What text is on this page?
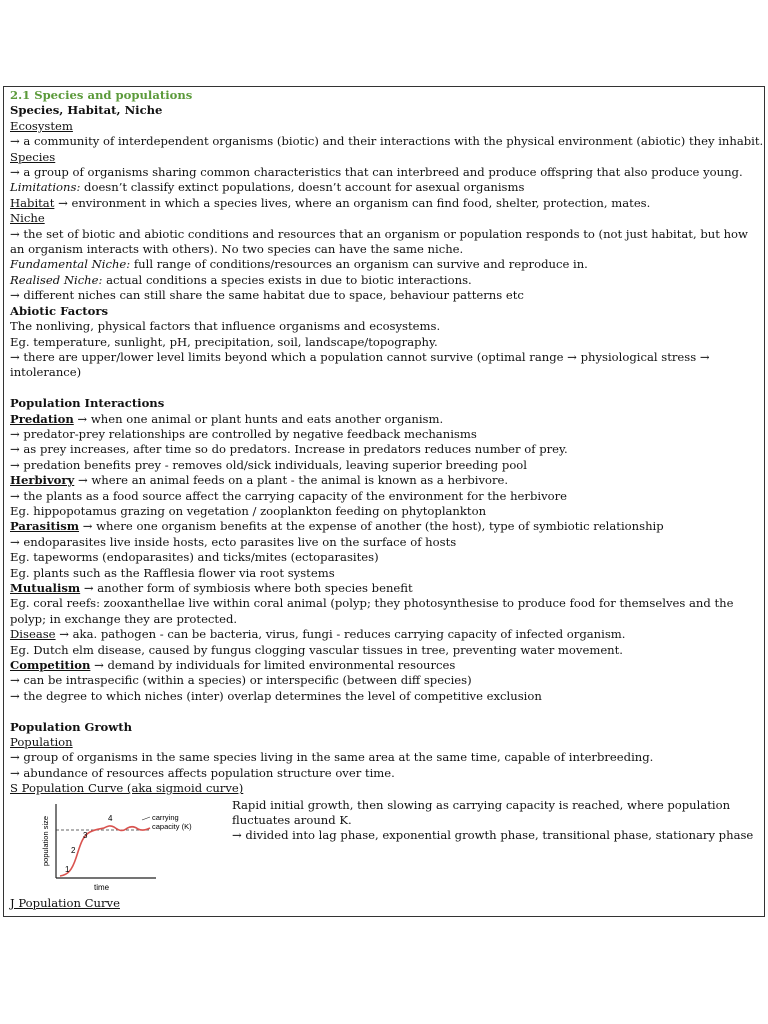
2.1 Species and populations
Species, Habitat, Niche
Ecosystem
→ a community of interdependent organisms (biotic) and their interactions with the physical environment (abiotic) they inhabit.
Species
→ a group of organisms sharing common characteristics that can interbreed and produce offspring that also produce young.
Limitations: doesn’t classify extinct populations, doesn’t account for asexual organisms
Habitat → environment in which a species lives, where an organism can find food, shelter, protection, mates.
Niche
→ the set of biotic and abiotic conditions and resources that an organism or population responds to (not just habitat, but how an organism interacts with others). No two species can have the same niche.
Fundamental Niche: full range of conditions/resources an organism can survive and reproduce in.
Realised Niche: actual conditions a species exists in due to biotic interactions.
→ different niches can still share the same habitat due to space, behaviour patterns etc
Abiotic Factors
The nonliving, physical factors that influence organisms and ecosystems.
Eg. temperature, sunlight, pH, precipitation, soil, landscape/topography.
→ there are upper/lower level limits beyond which a population cannot survive (optimal range → physiological stress → intolerance)
Population Interactions
Predation → when one animal or plant hunts and eats another organism.
→ predator-prey relationships are controlled by negative feedback mechanisms
→ as prey increases, after time so do predators. Increase in predators reduces number of prey.
→ predation benefits prey - removes old/sick individuals, leaving superior breeding pool
Herbivory → where an animal feeds on a plant - the animal is known as a herbivore.
→ the plants as a food source affect the carrying capacity of the environment for the herbivore
Eg. hippopotamus grazing on vegetation / zooplankton feeding on phytoplankton
Parasitism → where one organism benefits at the expense of another (the host), type of symbiotic relationship
→ endoparasites live inside hosts, ecto parasites live on the surface of hosts
Eg. tapeworms (endoparasites) and ticks/mites (ectoparasites)
Eg. plants such as the Rafflesia flower via root systems
Mutualism → another form of symbiosis where both species benefit
Eg. coral reefs: zooxanthellae live within coral animal (polyp; they photosynthesise to produce food for themselves and the polyp; in exchange they are protected.
Disease → aka. pathogen - can be bacteria, virus, fungi - reduces carrying capacity of infected organism.
Eg. Dutch elm disease, caused by fungus clogging vascular tissues in tree, preventing water movement.
Competition → demand by individuals for limited environmental resources
→ can be intraspecific (within a species) or interspecific (between diff species)
→ the degree to which niches (inter) overlap determines the level of competitive exclusion
Population Growth
Population
→ group of organisms in the same species living in the same area at the same time, capable of interbreeding.
→ abundance of resources affects population structure over time.
S Population Curve (aka sigmoid curve)
1
2
3
4	carrying
capacity (K)
population size
time
Rapid initial growth, then slowing as carrying capacity is reached, where population fluctuates around K.
→ divided into lag phase, exponential growth phase, transitional phase, stationary phase
J Population Curve
